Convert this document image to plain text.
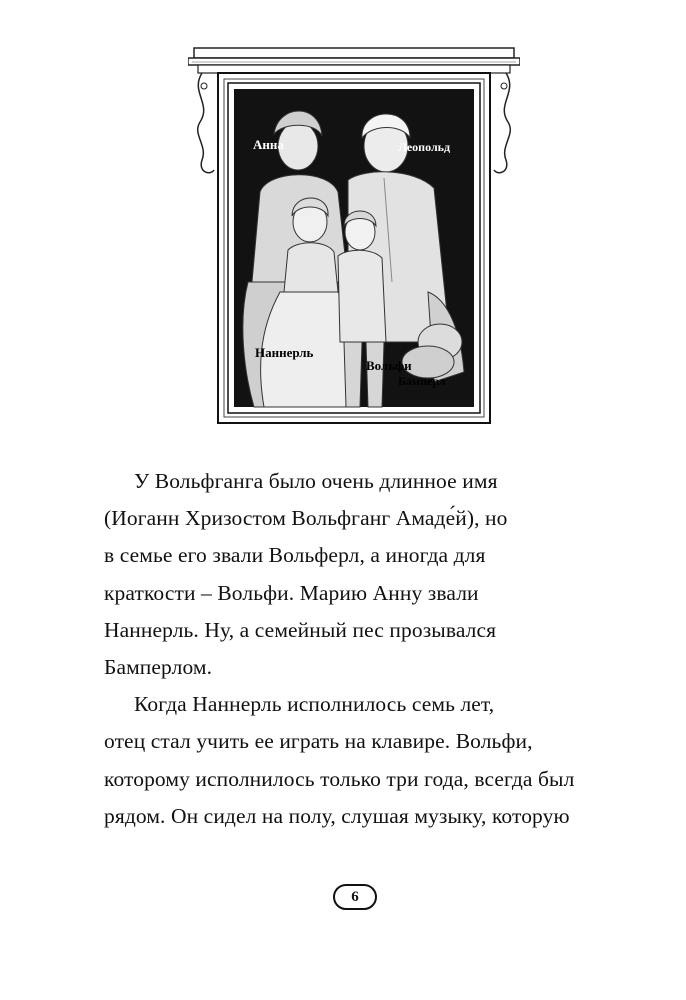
Анна	Леопольд
Наннерль
Вольфи
Бамперл
У Вольфганга было очень длинное имя
(Иоганн Хризостом Вольфганг Амаде́й), но
в семье его звали Вольферл, а иногда для
краткости – Вольфи. Марию Анну звали
Наннерль. Ну, а семейный пес прозывался
Бамперлом.
Когда Наннерль исполнилось семь лет,
отец стал учить ее играть на клавире. Вольфи,
которому исполнилось только три года, всегда был
рядом. Он сидел на полу, слушая музыку, которую
6
